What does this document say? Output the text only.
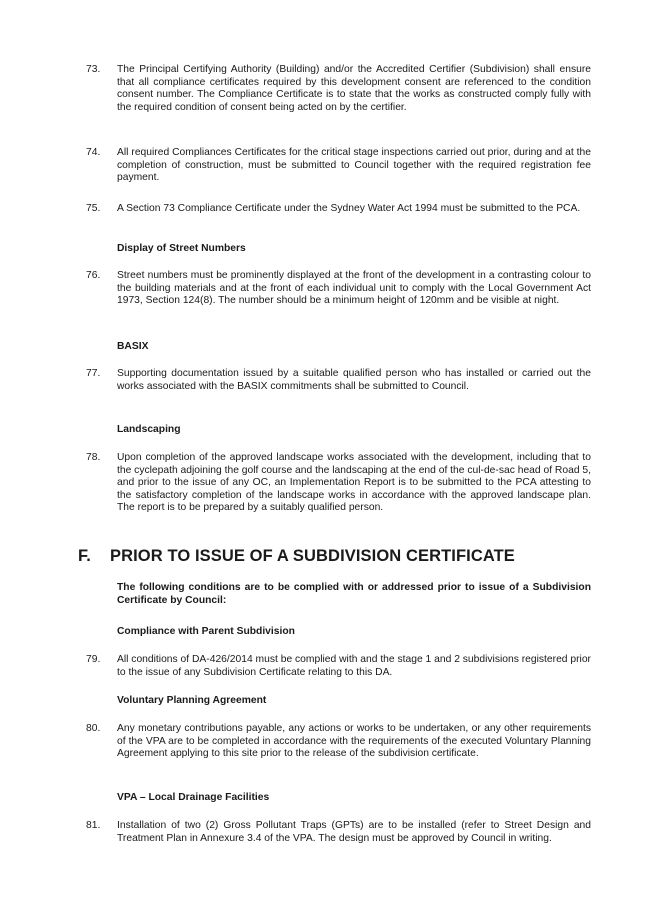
73. The Principal Certifying Authority (Building) and/or the Accredited Certifier (Subdivision) shall ensure that all compliance certificates required by this development consent are referenced to the condition consent number. The Compliance Certificate is to state that the works as constructed comply fully with the required condition of consent being acted on by the certifier.
74. All required Compliances Certificates for the critical stage inspections carried out prior, during and at the completion of construction, must be submitted to Council together with the required registration fee payment.
75. A Section 73 Compliance Certificate under the Sydney Water Act 1994 must be submitted to the PCA.
Display of Street Numbers
76. Street numbers must be prominently displayed at the front of the development in a contrasting colour to the building materials and at the front of each individual unit to comply with the Local Government Act 1973, Section 124(8). The number should be a minimum height of 120mm and be visible at night.
BASIX
77. Supporting documentation issued by a suitable qualified person who has installed or carried out the works associated with the BASIX commitments shall be submitted to Council.
Landscaping
78. Upon completion of the approved landscape works associated with the development, including that to the cyclepath adjoining the golf course and the landscaping at the end of the cul-de-sac head of Road 5, and prior to the issue of any OC, an Implementation Report is to be submitted to the PCA attesting to the satisfactory completion of the landscape works in accordance with the approved landscape plan. The report is to be prepared by a suitably qualified person.
F. PRIOR TO ISSUE OF A SUBDIVISION CERTIFICATE
The following conditions are to be complied with or addressed prior to issue of a Subdivision Certificate by Council:
Compliance with Parent Subdivision
79. All conditions of DA-426/2014 must be complied with and the stage 1 and 2 subdivisions registered prior to the issue of any Subdivision Certificate relating to this DA.
Voluntary Planning Agreement
80. Any monetary contributions payable, any actions or works to be undertaken, or any other requirements of the VPA are to be completed in accordance with the requirements of the executed Voluntary Planning Agreement applying to this site prior to the release of the subdivision certificate.
VPA – Local Drainage Facilities
81. Installation of two (2) Gross Pollutant Traps (GPTs) are to be installed (refer to Street Design and Treatment Plan in Annexure 3.4 of the VPA. The design must be approved by Council in writing.
